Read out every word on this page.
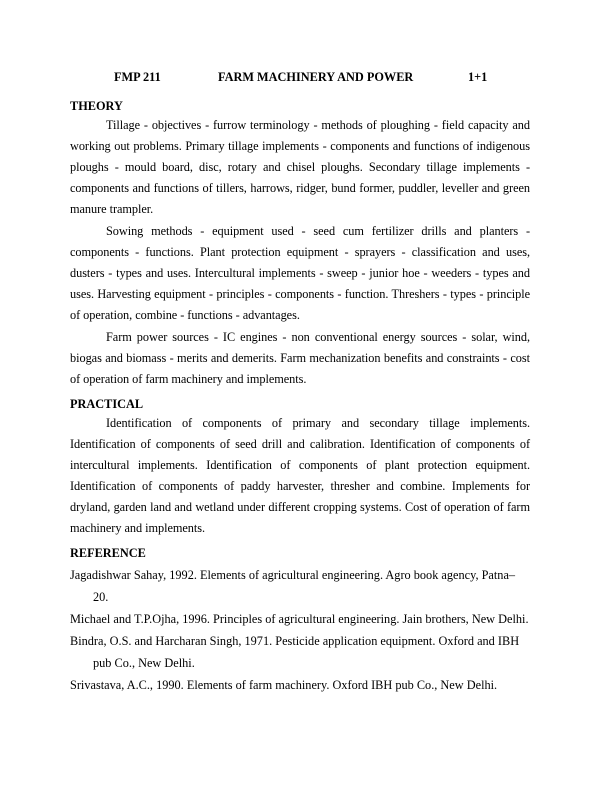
FMP 211	FARM MACHINERY AND POWER	1+1
THEORY

Tillage - objectives - furrow terminology - methods of ploughing - field capacity and working out problems. Primary tillage implements - components and functions of indigenous ploughs - mould board, disc, rotary and chisel ploughs. Secondary tillage implements - components and functions of tillers, harrows, ridger, bund former, puddler, leveller and green manure trampler.

Sowing methods - equipment used - seed cum fertilizer drills and planters - components - functions. Plant protection equipment - sprayers - classification and uses, dusters - types and uses. Intercultural implements - sweep - junior hoe - weeders - types and uses. Harvesting equipment - principles - components - function. Threshers - types - principle of operation, combine - functions - advantages.

Farm power sources - IC engines - non conventional energy sources - solar, wind, biogas and biomass - merits and demerits. Farm mechanization benefits and constraints - cost of operation of farm machinery and implements.

PRACTICAL

Identification of components of primary and secondary tillage implements. Identification of components of seed drill and calibration. Identification of components of intercultural implements. Identification of components of plant protection equipment. Identification of components of paddy harvester, thresher and combine. Implements for dryland, garden land and wetland under different cropping systems. Cost of operation of farm machinery and implements.

REFERENCE

Jagadishwar Sahay, 1992. Elements of agricultural engineering. Agro book agency, Patna–20.

Michael and T.P.Ojha, 1996. Principles of agricultural engineering. Jain brothers, New Delhi.

Bindra, O.S. and Harcharan Singh, 1971. Pesticide application equipment. Oxford and IBH pub Co., New Delhi.

Srivastava, A.C., 1990. Elements of farm machinery. Oxford IBH pub Co., New Delhi.
